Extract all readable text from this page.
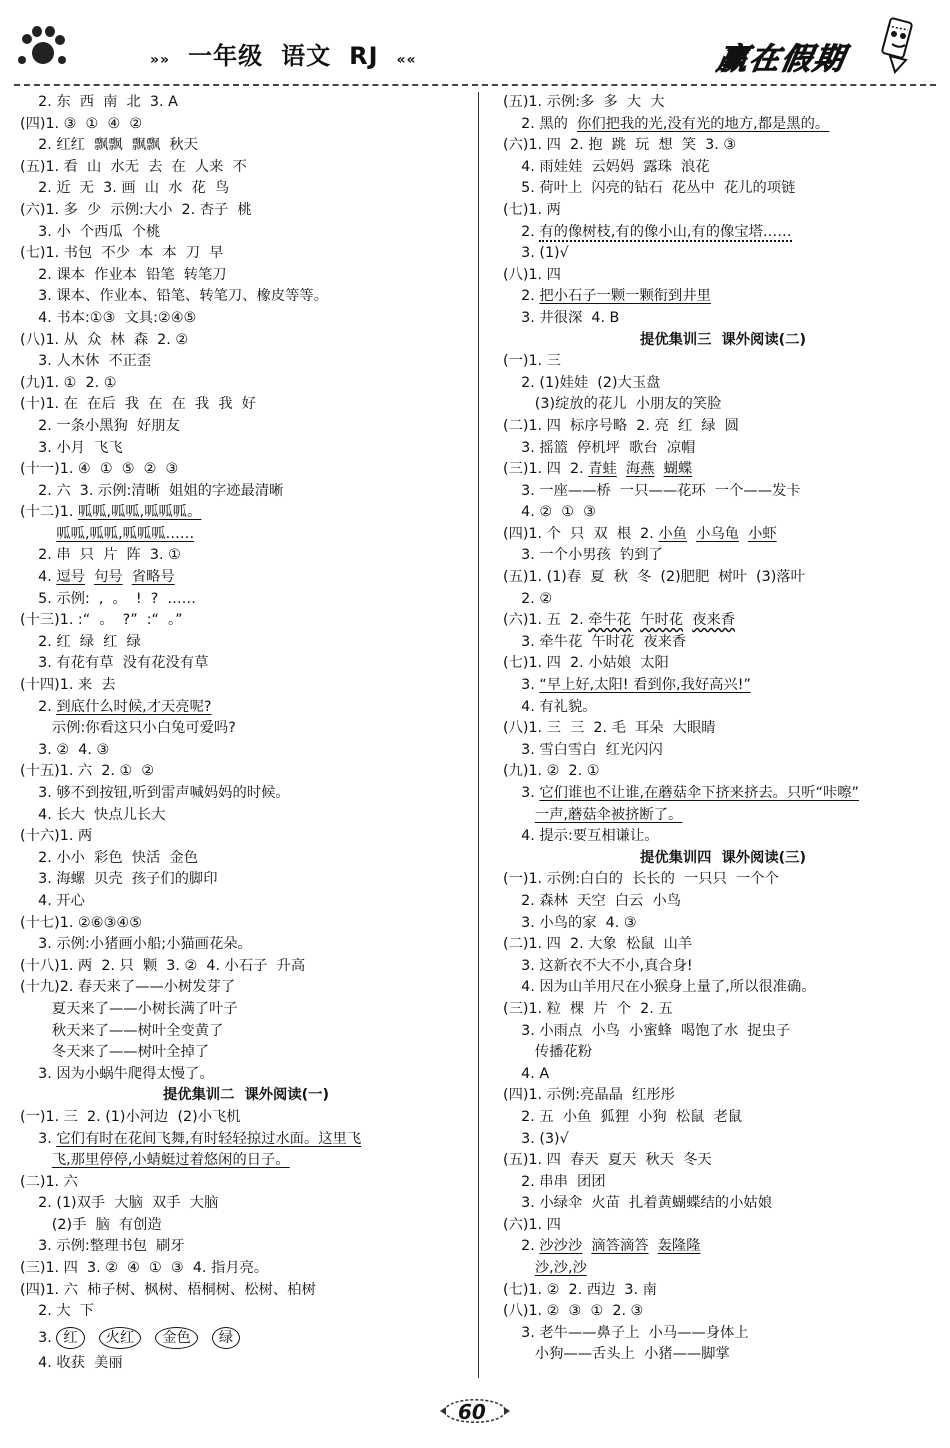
»» 一年级 语文 RJ ««	赢在假期
2. 东  西  南  北  3. A
(四)1. ③  ①  ④  ②
2. 红红  飘飘  飘飘  秋天
(五)1. 看  山  水无  去  在  人来  不
2. 近  无  3. 画  山  水  花  鸟
(六)1. 多  少  示例:大小  2. 杏子  桃
3. 小  个西瓜  个桃
(七)1. 书包  不少  本  本  刀  早
2. 课本  作业本  铅笔  转笔刀
3. 课本、作业本、铅笔、转笔刀、橡皮等等。
4. 书本:①③  文具:②④⑤
(八)1. 从  众  林  森  2. ②
3. 人木休  不正歪
(九)1. ①  2. ①
(十)1. 在  在后  我  在  在  我  我  好
2. 一条小黑狗  好朋友
3. 小月  飞飞
(十一)1. ④  ①  ⑤  ②  ③
2. 六  3. 示例:清晰  姐姐的字迹最清晰
(十二)1. 呱呱,呱呱,呱呱呱。
呱呱,呱呱,呱呱呱……
2. 串  只  片  阵  3. ①
4. 逗号 句号 省略号
5. 示例:  ,  。  !  ?  ……
(十三)1. :“  。  ?”  :“  。”
2. 红  绿  红  绿
3. 有花有草  没有花没有草
(十四)1. 来  去
2. 到底什么时候,才天亮呢?
示例:你看这只小白兔可爱吗?
3. ②  4. ③
(十五)1. 六  2. ①  ②
3. 够不到按钮,听到雷声喊妈妈的时候。
4. 长大  快点儿长大
(十六)1. 两
2. 小小  彩色  快活  金色
3. 海螺  贝壳  孩子们的脚印
4. 开心
(十七)1. ②⑥③④⑤
3. 示例:小猪画小船;小猫画花朵。
(十八)1. 两  2. 只  颗  3. ②  4. 小石子  升高
(十九)2. 春天来了——小树发芽了
夏天来了——小树长满了叶子
秋天来了——树叶全变黄了
冬天来了——树叶全掉了
3. 因为小蜗牛爬得太慢了。
提优集训二  课外阅读(一)
(一)1. 三  2. (1)小河边  (2)小飞机
3. 它们有时在花间飞舞,有时轻轻掠过水面。这里飞
飞,那里停停,小蜻蜓过着悠闲的日子。
(二)1. 六
2. (1)双手  大脑  双手  大脑
(2)手  脑  有创造
3. 示例:整理书包  刷牙
(三)1. 四  3. ②  ④  ①  ③  4. 指月亮。
(四)1. 六  柿子树、枫树、梧桐树、松树、柏树
2. 大  下
3. 红 火红 金色 绿
4. 收获  美丽
(五)1. 示例:多  多  大  大
2. 黑的  你们把我的光,没有光的地方,都是黑的。
(六)1. 四  2. 抱  跳  玩  想  笑  3. ③
4. 雨娃娃  云妈妈  露珠  浪花
5. 荷叶上  闪亮的钻石  花丛中  花儿的项链
(七)1. 两
2. 有的像树枝,有的像小山,有的像宝塔……
3. (1)√
(八)1. 四
2. 把小石子一颗一颗衔到井里
3. 井很深  4. B
提优集训三  课外阅读(二)
(一)1. 三
2. (1)娃娃  (2)大玉盘
(3)绽放的花儿  小朋友的笑脸
(二)1. 四  标序号略  2. 亮  红  绿  圆
3. 摇篮  停机坪  歌台  凉帽
(三)1. 四  2. 青蛙 海燕 蝴蝶
3. 一座——桥  一只——花环  一个——发卡
4. ②  ①  ③
(四)1. 个  只  双  根  2. 小鱼 小乌龟 小虾
3. 一个小男孩  钓到了
(五)1. (1)春  夏  秋  冬  (2)肥肥  树叶  (3)落叶
2. ②
(六)1. 五  2. 牵牛花 午时花 夜来香
3. 牵牛花  午时花  夜来香
(七)1. 四  2. 小姑娘  太阳
3. “早上好,太阳! 看到你,我好高兴!”
4. 有礼貌。
(八)1. 三  三  2. 毛  耳朵  大眼睛
3. 雪白雪白  红光闪闪
(九)1. ②  2. ①
3. 它们谁也不让谁,在蘑菇伞下挤来挤去。只听“咔嚓”
一声,蘑菇伞被挤断了。
4. 提示:要互相谦让。
提优集训四  课外阅读(三)
(一)1. 示例:白白的  长长的  一只只  一个个
2. 森林  天空  白云  小鸟
3. 小鸟的家  4. ③
(二)1. 四  2. 大象  松鼠  山羊
3. 这新衣不大不小,真合身!
4. 因为山羊用尺在小猴身上量了,所以很准确。
(三)1. 粒  棵  片  个  2. 五
3. 小雨点  小鸟  小蜜蜂  喝饱了水  捉虫子
传播花粉
4. A
(四)1. 示例:亮晶晶  红彤彤
2. 五  小鱼  狐狸  小狗  松鼠  老鼠
3. (3)√
(五)1. 四  春天  夏天  秋天  冬天
2. 串串  团团
3. 小绿伞  火苗  扎着黄蝴蝶结的小姑娘
(六)1. 四
2. 沙沙沙 滴答滴答 轰隆隆
沙,沙,沙
(七)1. ②  2. 西边  3. 南
(八)1. ②  ③  ①  2. ③
3. 老牛——鼻子上  小马——身体上
小狗——舌头上  小猪——脚掌
60
